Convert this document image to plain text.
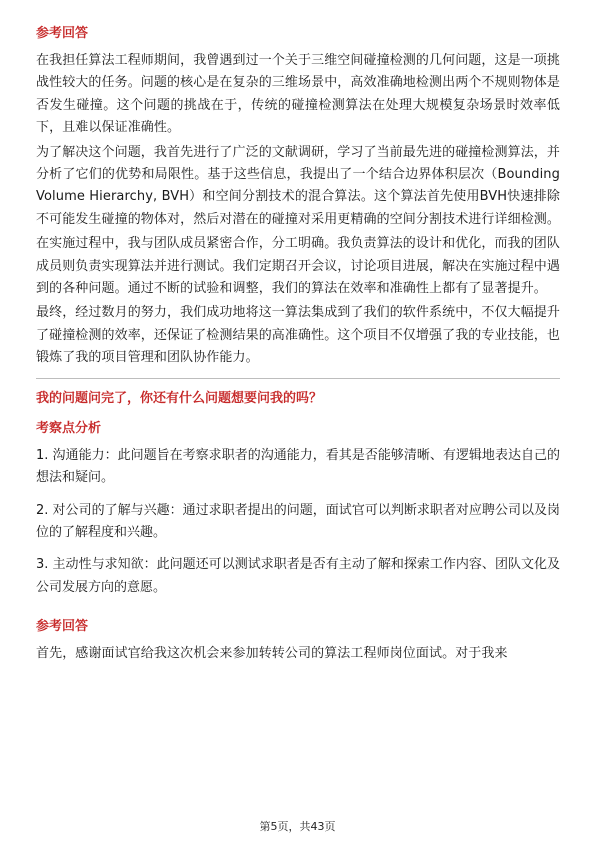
参考回答

在我担任算法工程师期间，我曾遇到过一个关于三维空间碰撞检测的几何问题，这是一项挑战性较大的任务。问题的核心是在复杂的三维场景中，高效准确地检测出两个不规则物体是否发生碰撞。这个问题的挑战在于，传统的碰撞检测算法在处理大规模复杂场景时效率低下，且难以保证准确性。

为了解决这个问题，我首先进行了广泛的文献调研，学习了当前最先进的碰撞检测算法，并分析了它们的优势和局限性。基于这些信息，我提出了一个结合边界体积层次（Bounding Volume Hierarchy, BVH）和空间分割技术的混合算法。这个算法首先使用BVH快速排除不可能发生碰撞的物体对，然后对潜在的碰撞对采用更精确的空间分割技术进行详细检测。

在实施过程中，我与团队成员紧密合作，分工明确。我负责算法的设计和优化，而我的团队成员则负责实现算法并进行测试。我们定期召开会议，讨论项目进展，解决在实施过程中遇到的各种问题。通过不断的试验和调整，我们的算法在效率和准确性上都有了显著提升。

最终，经过数月的努力，我们成功地将这一算法集成到了我们的软件系统中，不仅大幅提升了碰撞检测的效率，还保证了检测结果的高准确性。这个项目不仅增强了我的专业技能，也锻炼了我的项目管理和团队协作能力。

我的问题问完了，你还有什么问题想要问我的吗？
考察点分析

1. 沟通能力：此问题旨在考察求职者的沟通能力，看其是否能够清晰、有逻辑地表达自己的想法和疑问。

2. 对公司的了解与兴趣：通过求职者提出的问题，面试官可以判断求职者对应聘公司以及岗位的了解程度和兴趣。

3. 主动性与求知欲：此问题还可以测试求职者是否有主动了解和探索工作内容、团队文化及公司发展方向的意愿。

参考回答

首先，感谢面试官给我这次机会来参加转转公司的算法工程师岗位面试。对于我来

第5页，共43页
